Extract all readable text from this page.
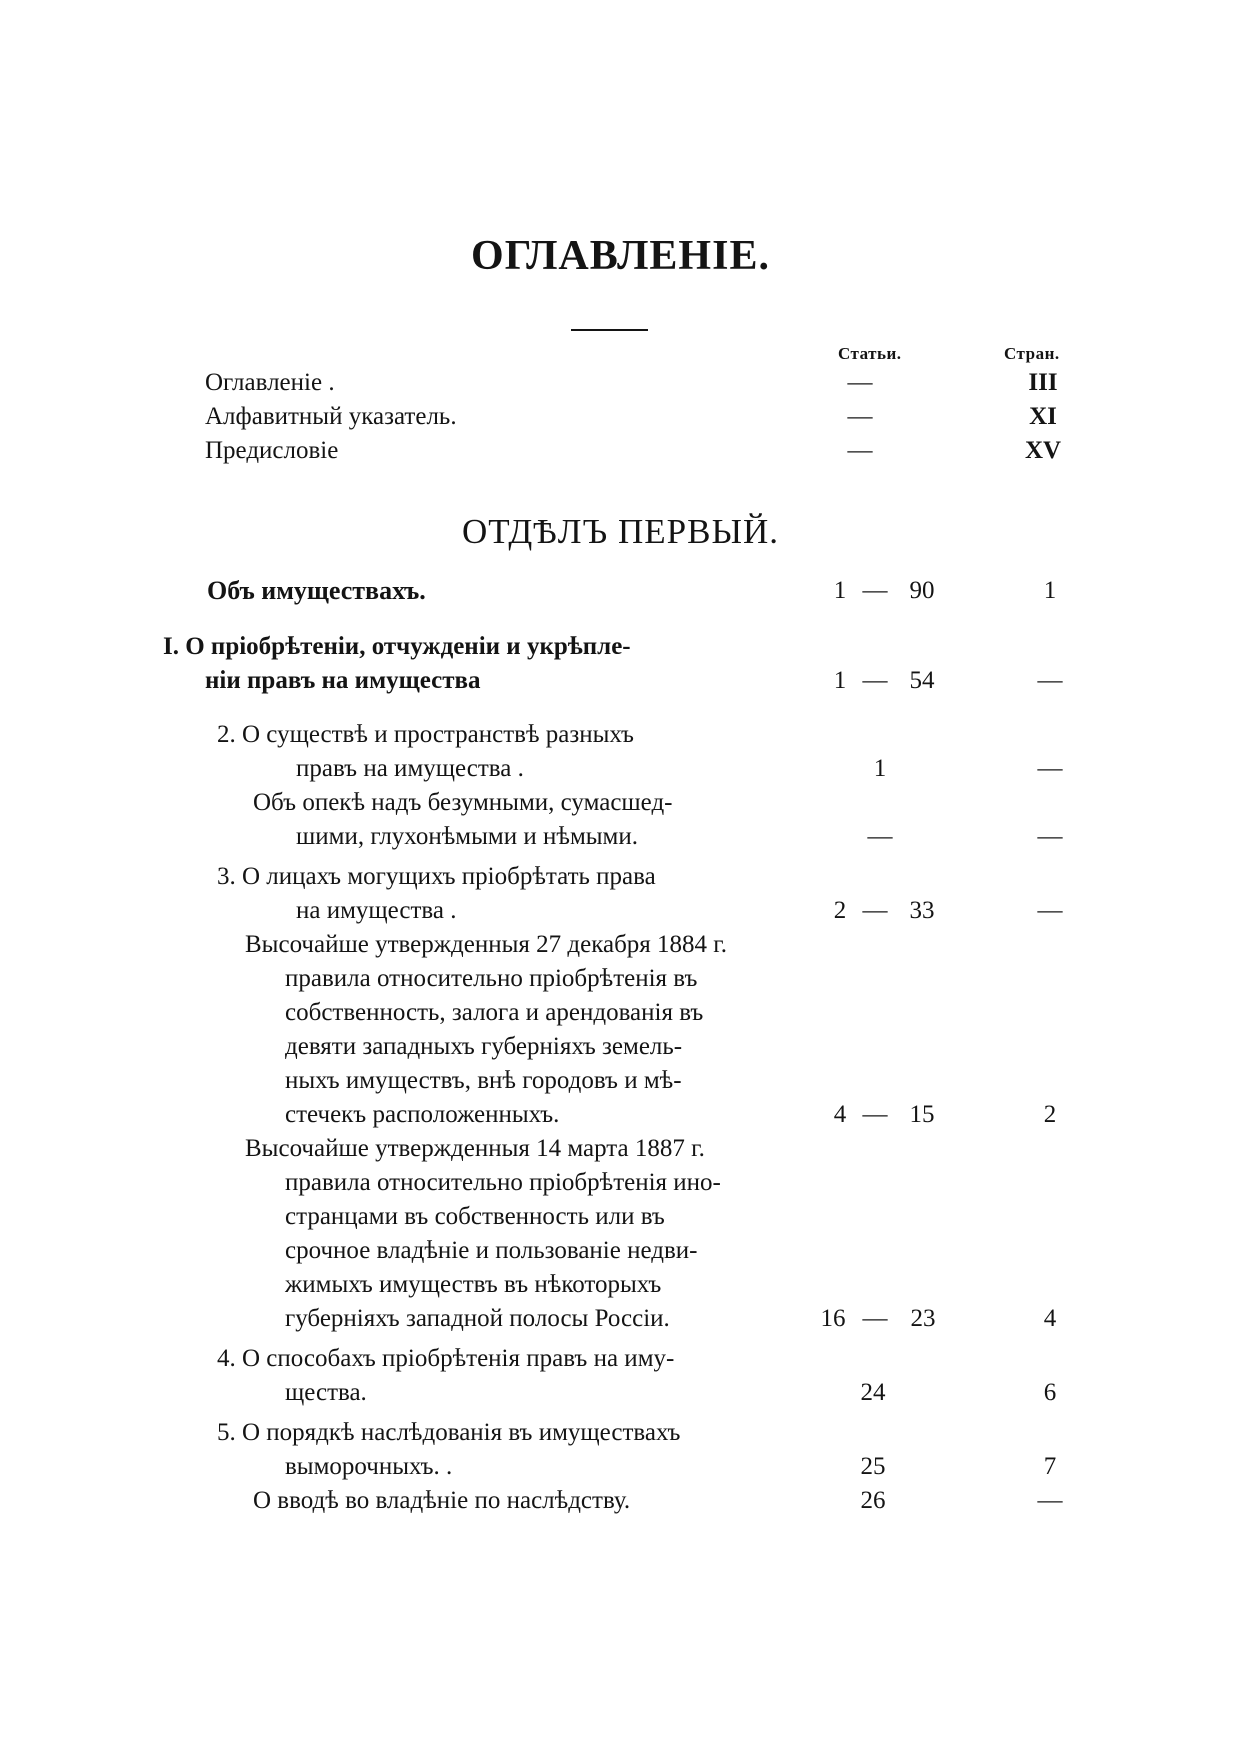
ОГЛАВЛЕНІЕ.
Статьи.	Стран.
Оглавленіе .	—	III
Алфавитный указатель.	—	XI
Предисловіе	—	XV
ОТДѢЛЪ ПЕРВЫЙ.
Объ имуществахъ.	1 — 90	1
I. О пріобрѣтеніи, отчужденіи и укрѣпле-
ніи правъ на имущества	1 — 54	—
2. О существѣ и пространствѣ разныхъ
правъ на имущества .	1	—
Объ опекѣ надъ безумными, сумасшед-
шими, глухонѣмыми и нѣмыми.	—	—
3. О лицахъ могущихъ пріобрѣтать права
на имущества .	2 — 33	—
Высочайше утвержденныя 27 декабря 1884 г.
правила относительно пріобрѣтенія въ
собственность, залога и арендованія въ
девяти западныхъ губерніяхъ земель-
ныхъ имуществъ, внѣ городовъ и мѣ-
стечекъ расположенныхъ.	4 — 15	2
Высочайше утвержденныя 14 марта 1887 г.
правила относительно пріобрѣтенія ино-
странцами въ собственность или въ
срочное владѣніе и пользованіе недви-
жимыхъ имуществъ въ нѣкоторыхъ
губерніяхъ западной полосы Россіи.	16 — 23	4
4. О способахъ пріобрѣтенія правъ на иму-
щества.	24	6
5. О порядкѣ наслѣдованія въ имуществахъ
выморочныхъ. .	25	7
О вводѣ во владѣніе по наслѣдству.	26	—
